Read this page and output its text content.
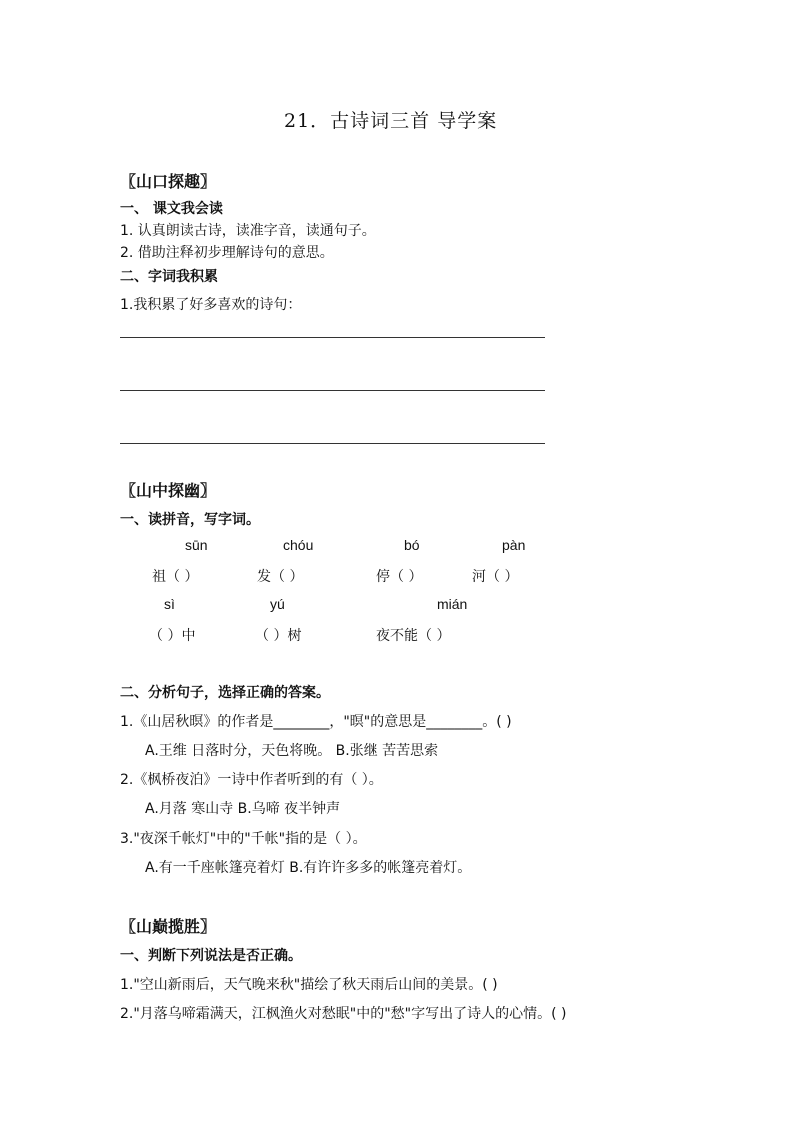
21．古诗词三首 导学案
〖山口探趣〗
一、 课文我会读
1. 认真朗读古诗，读准字音，读通句子。
2. 借助注释初步理解诗句的意思。
二、字词我积累
1.我积累了好多喜欢的诗句：
〖山中探幽〗
一、读拼音，写字词。
sūn	chóu	bó	pàn
祖（ ）	发（ ）	停（ ）	河（ ）
sì	yú	mián
（ ）中	（ ）树	夜不能（ ）
二、分析句子，选择正确的答案。
1.《山居秋暝》的作者是________，"暝"的意思是________。( )
A.王维 日落时分，天色将晚。 B.张继 苦苦思索
2.《枫桥夜泊》一诗中作者听到的有（ ）。
A.月落 寒山寺 B.乌啼 夜半钟声
3."夜深千帐灯"中的"千帐"指的是（ ）。
A.有一千座帐篷亮着灯 B.有许许多多的帐篷亮着灯。
〖山巅揽胜〗
一、判断下列说法是否正确。
1."空山新雨后，天气晚来秋"描绘了秋天雨后山间的美景。( )
2."月落乌啼霜满天，江枫渔火对愁眠"中的"愁"字写出了诗人的心情。( )
